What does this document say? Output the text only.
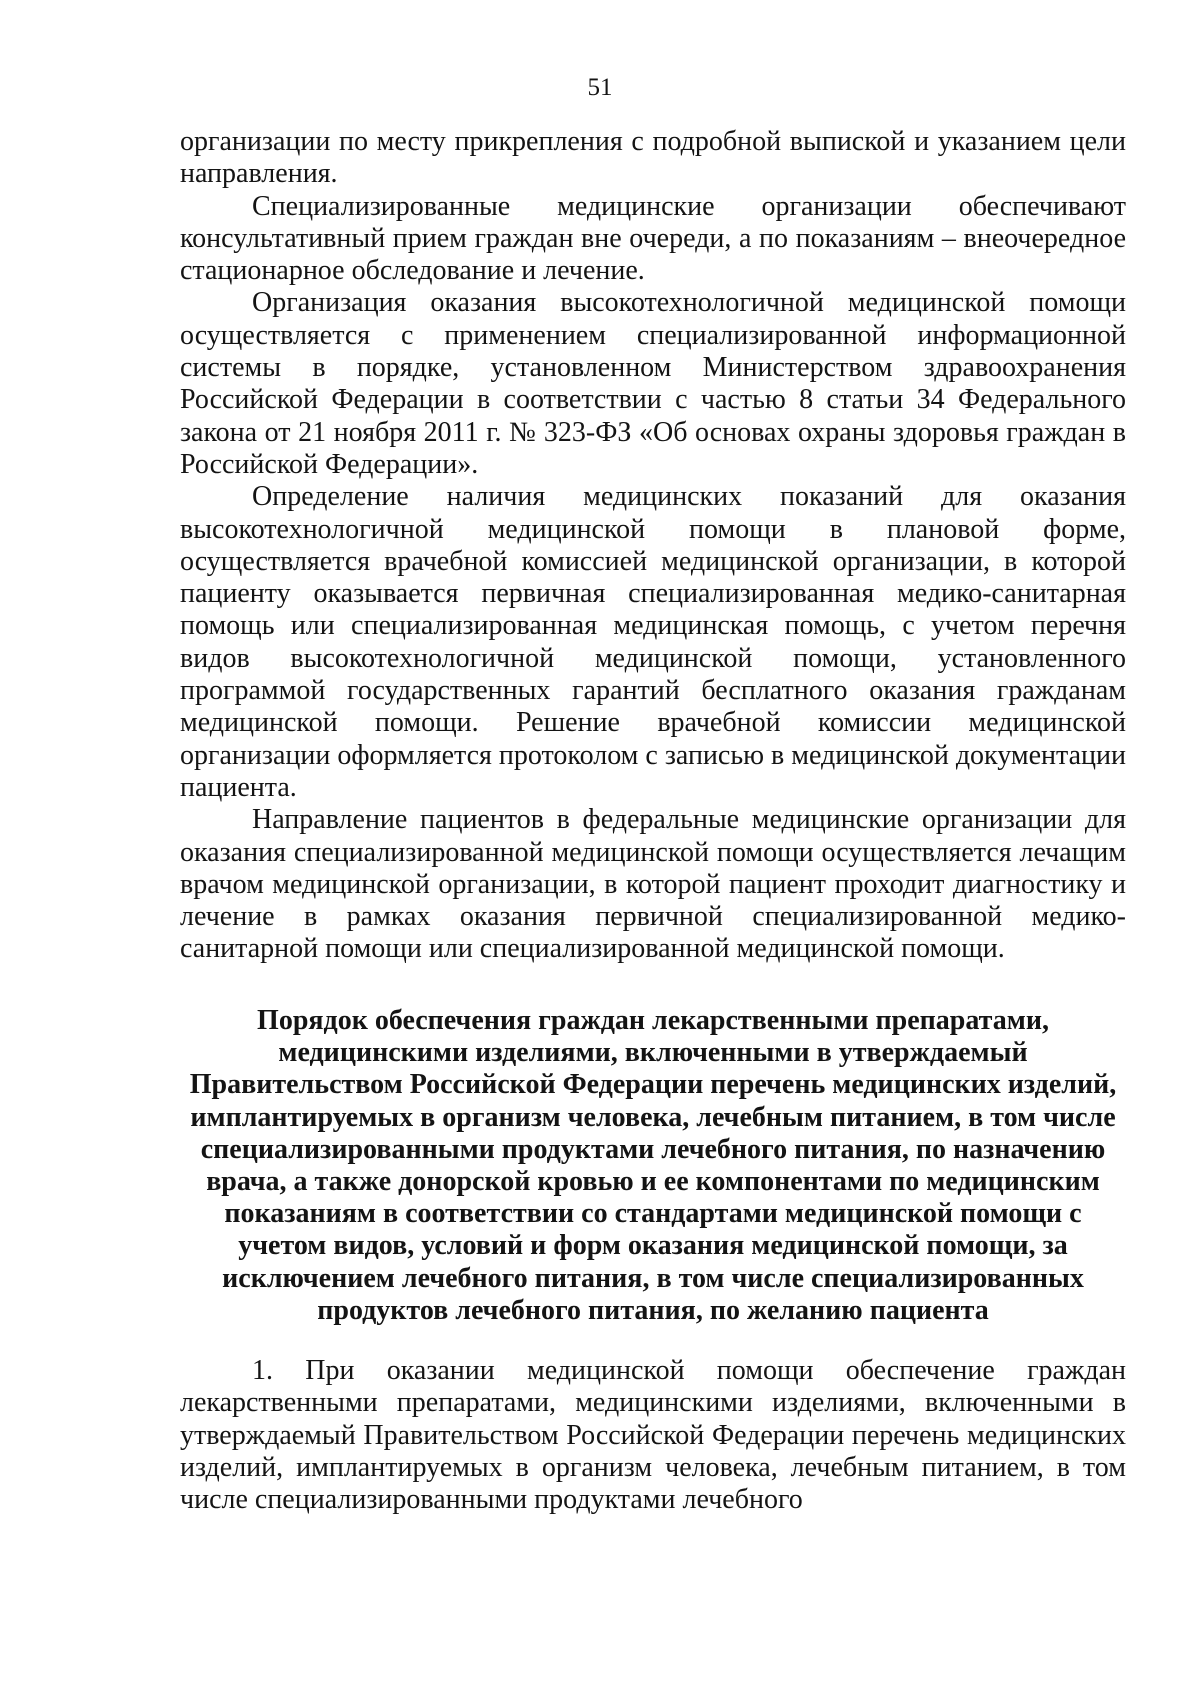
51

организации по месту прикрепления с подробной выпиской и указанием цели направления.

Специализированные медицинские организации обеспечивают консультативный прием граждан вне очереди, а по показаниям – внеочередное стационарное обследование и лечение.

Организация оказания высокотехнологичной медицинской помощи осуществляется с применением специализированной информационной системы в порядке, установленном Министерством здравоохранения Российской Федерации в соответствии с частью 8 статьи 34 Федерального закона от 21 ноября 2011 г. № 323-ФЗ «Об основах охраны здоровья граждан в Российской Федерации».

Определение наличия медицинских показаний для оказания высокотехнологичной медицинской помощи в плановой форме, осуществляется врачебной комиссией медицинской организации, в которой пациенту оказывается первичная специализированная медико-санитарная помощь или специализированная медицинская помощь, с учетом перечня видов высокотехнологичной медицинской помощи, установленного программой государственных гарантий бесплатного оказания гражданам медицинской помощи. Решение врачебной комиссии медицинской организации оформляется протоколом с записью в медицинской документации пациента.

Направление пациентов в федеральные медицинские организации для оказания специализированной медицинской помощи осуществляется лечащим врачом медицинской организации, в которой пациент проходит диагностику и лечение в рамках оказания первичной специализированной медико-санитарной помощи или специализированной медицинской помощи.

Порядок обеспечения граждан лекарственными препаратами, медицинскими изделиями, включенными в утверждаемый Правительством Российской Федерации перечень медицинских изделий, имплантируемых в организм человека, лечебным питанием, в том числе специализированными продуктами лечебного питания, по назначению врача, а также донорской кровью и ее компонентами по медицинским показаниям в соответствии со стандартами медицинской помощи с учетом видов, условий и форм оказания медицинской помощи, за исключением лечебного питания, в том числе специализированных продуктов лечебного питания, по желанию пациента

1. При оказании медицинской помощи обеспечение граждан лекарственными препаратами, медицинскими изделиями, включенными в утверждаемый Правительством Российской Федерации перечень медицинских изделий, имплантируемых в организм человека, лечебным питанием, в том числе специализированными продуктами лечебного
